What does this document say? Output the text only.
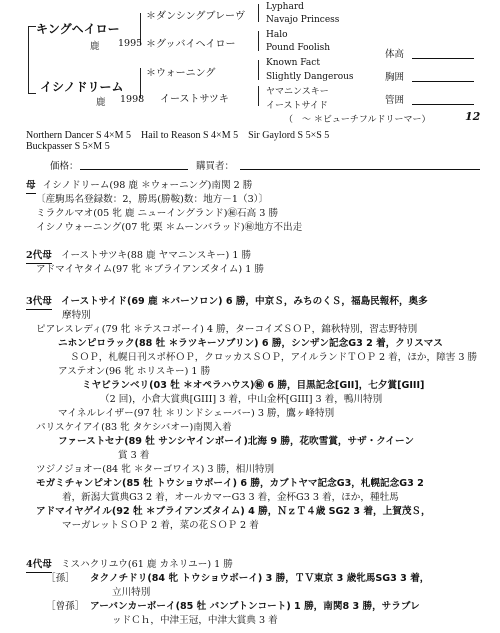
キングヘイロー
鹿 1995
イシノドリーム
鹿 1998
＊ダンシングブレーヴ
＊グッバイヘイロー
＊ウォーニング
イーストサツキ
Lyphard
Navajo Princess
Halo
Pound Foolish
Known Fact
Slightly Dangerous
ヤマニンスキー
イーストサイド
（　～ ＊ビューチフルドリーマー）	12
体高
胸囲
管囲
Northern Dancer S 4×M 5　Hail to Reason S 4×M 5　Sir Gaylord S 5×S 5
Buckpasser S 5×M 5
価格：	購買者：
母 イシノドリーム(98 鹿 ＊ウォーニング)南関 2 勝
〔産駒馬名登録数：2，勝馬(勝鞍)数：地方－1（3）〕
ミラクルマオ(05 牝 鹿 ニューイングランド)㊙石高 3 勝
イシノウォーニング(07 牝 栗 ＊ムーンバラッド)㊙地方不出走
2代母 イーストサツキ(88 鹿 ヤマニンスキー) 1 勝
アドマイヤタイム(97 牝 ＊ブライアンズタイム) 1 勝
3代母 イーストサイド(69 鹿 ＊バーソロン) 6 勝，中京Ｓ，みちのくＳ，福島民報杯，奥多
摩特別
ピアレスレディ(79 牝 ＊テスコボーイ) 4 勝，ターコイズＳＯＰ，錦秋特別，習志野特別
ニホンピロラック(88 牡 ＊ラツキーソブリン) 6 勝，シンザン記念G3 2 着，クリスマス
ＳＯＰ，札幌日刊スポ杯ＯＰ，クロッカスＳＯＰ，アイルランドＴＯＰ 2 着，ほか，障害 3 勝
アステオン(96 牝 ホリスキー) 1 勝
ミヤビランベリ(03 牡 ＊オペラハウス)㊙ 6 勝，目黒記念[GII]，七夕賞[GIII]
（2 回)，小倉大賞典[GIII] 3 着，中山金杯[GIII] 3 着，鴨川特別
マイネルレイザー(97 牡 ＊リンドシェーバー) 3 勝，鷹ヶ峰特別
パリスケイアイ(83 牝 タケシバオー)南関入着
ファーストセナ(89 牡 サンシヤインボーイ)北海 9 勝，花吹雪賞，サザ・クイーン
賞 3 着
ツジノジョオー(84 牝 ＊ターゴワイス) 3 勝，相川特別
モガミチャンピオン(85 牡 トウショウボーイ) 6 勝，カブトヤマ記念G3，札幌記念G3 2
着，新潟大賞典G3 2 着，オールカマーG3 3 着，金杯G3 3 着，ほか，種牡馬
アドマイヤゲイル(92 牡 ＊ブライアンズタイム) 4 勝，ＮｚＴ４歳 SG2 3 着，上賀茂Ｓ，
マーガレットＳＯＰ 2 着，菜の花ＳＯＰ 2 着
4代母 ミスハクリユウ(61 鹿 カネリユー) 1 勝
［孫］ タクノチドリ(84 牝 トウショウボーイ) 3 勝，ＴＶ東京 3 歳牝馬SG3 3 着，
立川特別
［曾孫］ アーバンカーボーイ(85 牡 バンブトンコート) 1 勝，南関8 3 勝，サラブレ
ッドＣｈ，中津王冠，中津大賞典 3 着
